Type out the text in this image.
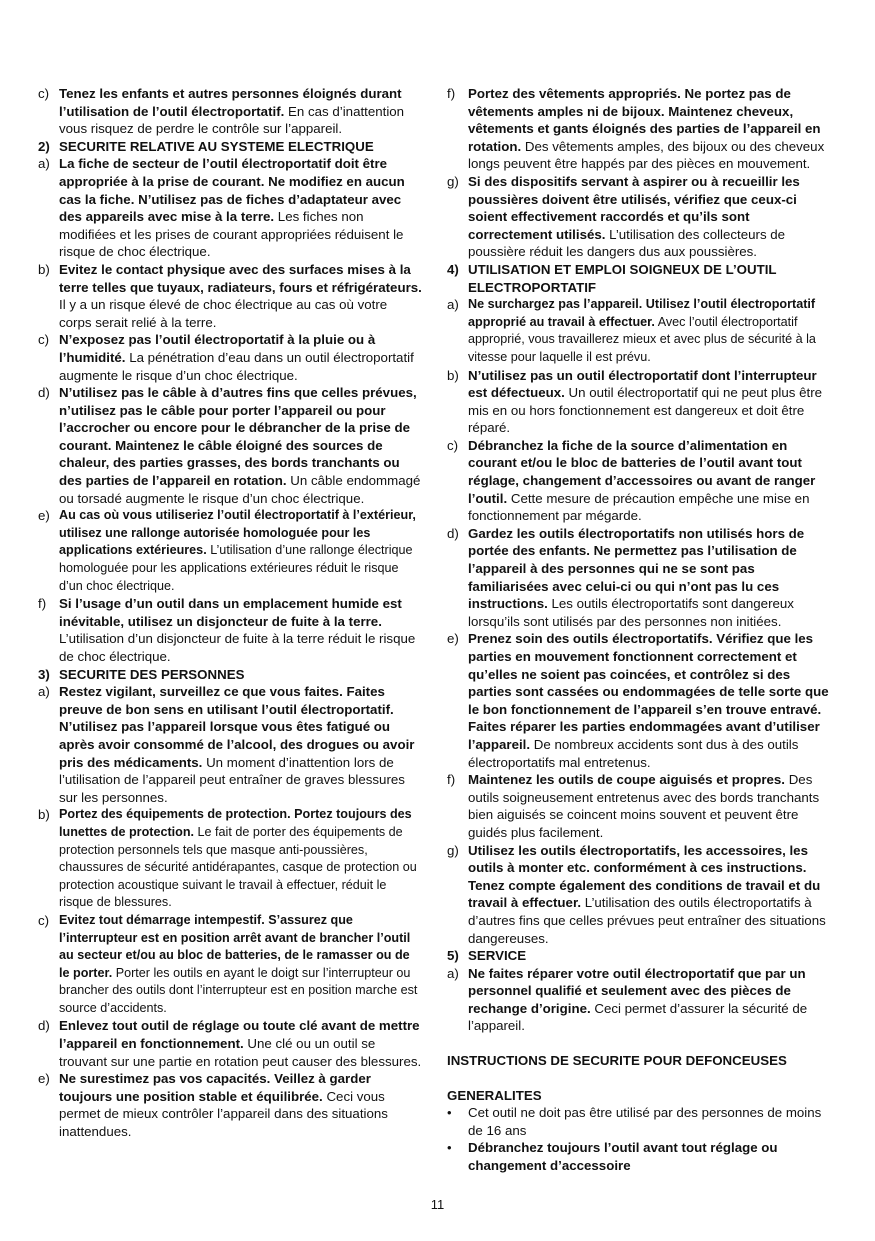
c) Tenez les enfants et autres personnes éloignés durant l’utilisation de l’outil électroportatif. En cas d’inattention vous risquez de perdre le contrôle sur l’appareil.
2) SECURITE RELATIVE AU SYSTEME ELECTRIQUE
a) La fiche de secteur de l’outil électroportatif doit être appropriée à la prise de courant. Ne modifiez en aucun cas la fiche. N’utilisez pas de fiches d’adaptateur avec des appareils avec mise à la terre. Les fiches non modifiées et les prises de courant appropriées réduisent le risque de choc électrique.
b) Evitez le contact physique avec des surfaces mises à la terre telles que tuyaux, radiateurs, fours et réfrigérateurs. Il y a un risque élevé de choc électrique au cas où votre corps serait relié à la terre.
c) N’exposez pas l’outil électroportatif à la pluie ou à l’humidité. La pénétration d’eau dans un outil électroportatif augmente le risque d’un choc électrique.
d) N’utilisez pas le câble à d’autres fins que celles prévues, n’utilisez pas le câble pour porter l’appareil ou pour l’accrocher ou encore pour le débrancher de la prise de courant. Maintenez le câble éloigné des sources de chaleur, des parties grasses, des bords tranchants ou des parties de l’appareil en rotation. Un câble endommagé ou torsadé augmente le risque d’un choc électrique.
e) Au cas où vous utiliseriez l’outil électroportatif à l’extérieur, utilisez une rallonge autorisée homologuée pour les applications extérieures. L’utilisation d’une rallonge électrique homologuée pour les applications extérieures réduit le risque d’un choc électrique.
f) Si l’usage d’un outil dans un emplacement humide est inévitable, utilisez un disjoncteur de fuite à la terre. L’utilisation d’un disjoncteur de fuite à la terre réduit le risque de choc électrique.
3) SECURITE DES PERSONNES
a) Restez vigilant, surveillez ce que vous faites. Faites preuve de bon sens en utilisant l’outil électroportatif. N’utilisez pas l’appareil lorsque vous êtes fatigué ou après avoir consommé de l’alcool, des drogues ou avoir pris des médicaments. Un moment d’inattention lors de l’utilisation de l’appareil peut entraîner de graves blessures sur les personnes.
b) Portez des équipements de protection. Portez toujours des lunettes de protection. Le fait de porter des équipements de protection personnels tels que masque anti-poussières, chaussures de sécurité antidérapantes, casque de protection ou protection acoustique suivant le travail à effectuer, réduit le risque de blessures.
c) Evitez tout démarrage intempestif. S’assurez que l’interrupteur est en position arrêt avant de brancher l’outil au secteur et/ou au bloc de batteries, de le ramasser ou de le porter. Porter les outils en ayant le doigt sur l’interrupteur ou brancher des outils dont l’interrupteur est en position marche est source d’accidents.
d) Enlevez tout outil de réglage ou toute clé avant de mettre l’appareil en fonctionnement. Une clé ou un outil se trouvant sur une partie en rotation peut causer des blessures.
e) Ne surestimez pas vos capacités. Veillez à garder toujours une position stable et équilibrée. Ceci vous permet de mieux contrôler l’appareil dans des situations inattendues.
f) Portez des vêtements appropriés. Ne portez pas de vêtements amples ni de bijoux. Maintenez cheveux, vêtements et gants éloignés des parties de l’appareil en rotation. Des vêtements amples, des bijoux ou des cheveux longs peuvent être happés par des pièces en mouvement.
g) Si des dispositifs servant à aspirer ou à recueillir les poussières doivent être utilisés, vérifiez que ceux-ci soient effectivement raccordés et qu’ils sont correctement utilisés. L’utilisation des collecteurs de poussière réduit les dangers dus aux poussières.
4) UTILISATION ET EMPLOI SOIGNEUX DE L’OUTIL ELECTROPORTATIF
a) Ne surchargez pas l’appareil. Utilisez l’outil électroportatif approprié au travail à effectuer. Avec l’outil électroportatif approprié, vous travaillerez mieux et avec plus de sécurité à la vitesse pour laquelle il est prévu.
b) N’utilisez pas un outil électroportatif dont l’interrupteur est défectueux. Un outil électroportatif qui ne peut plus être mis en ou hors fonctionnement est dangereux et doit être réparé.
c) Débranchez la fiche de la source d’alimentation en courant et/ou le bloc de batteries de l’outil avant tout réglage, changement d’accessoires ou avant de ranger l’outil. Cette mesure de précaution empêche une mise en fonctionnement par mégarde.
d) Gardez les outils électroportatifs non utilisés hors de portée des enfants. Ne permettez pas l’utilisation de l’appareil à des personnes qui ne se sont pas familiarisées avec celui-ci ou qui n’ont pas lu ces instructions. Les outils électroportatifs sont dangereux lorsqu’ils sont utilisés par des personnes non initiées.
e) Prenez soin des outils électroportatifs. Vérifiez que les parties en mouvement fonctionnent correctement et qu’elles ne soient pas coincées, et contrôlez si des parties sont cassées ou endommagées de telle sorte que le bon fonctionnement de l’appareil s’en trouve entravé. Faites réparer les parties endommagées avant d’utiliser l’appareil. De nombreux accidents sont dus à des outils électroportatifs mal entretenus.
f) Maintenez les outils de coupe aiguisés et propres. Des outils soigneusement entretenus avec des bords tranchants bien aiguisés se coincent moins souvent et peuvent être guidés plus facilement.
g) Utilisez les outils électroportatifs, les accessoires, les outils à monter etc. conformément à ces instructions. Tenez compte également des conditions de travail et du travail à effectuer. L’utilisation des outils électroportatifs à d’autres fins que celles prévues peut entraîner des situations dangereuses.
5) SERVICE
a) Ne faites réparer votre outil électroportatif que par un personnel qualifié et seulement avec des pièces de rechange d’origine. Ceci permet d’assurer la sécurité de l’appareil.
INSTRUCTIONS DE SECURITE POUR DEFONCEUSES
GENERALITES
•	Cet outil ne doit pas être utilisé par des personnes de moins de 16 ans
•	Débranchez toujours l’outil avant tout réglage ou changement d’accessoire
11
